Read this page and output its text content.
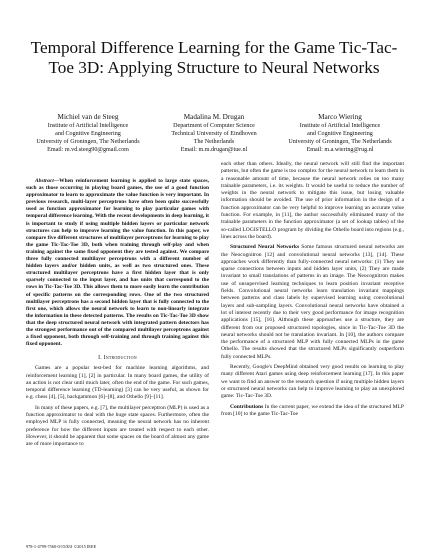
Temporal Difference Learning for the Game Tic-Tac-Toe 3D: Applying Structure to Neural Networks
Michiel van de Steeg
Institute of Artificial Intelligence
and Cognitive Engineering
University of Groningen, The Netherlands
Email: m.vd.steeg90@gmail.com
Madalina M. Drugan
Department of Computer Science
Technical University of Eindhoven
The Netherlands
Email: m.m.drugan@tue.nl
Marco Wiering
Institute of Artificial Intelligence
and Cognitive Engineering
University of Groningen, The Netherlands
Email: m.a.wiering@rug.nl

Abstract—When reinforcement learning is applied to large state spaces, such as those occurring in playing board games, the use of a good function approximator to learn to approximate the value function is very important. In previous research, multi-layer perceptrons have often been quite successfully used as function approximator for learning to play particular games with temporal difference learning. With the recent developments in deep learning, it is important to study if using multiple hidden layers or particular network structures can help to improve learning the value function. In this paper, we compare five different structures of multilayer perceptrons for learning to play the game Tic-Tac-Toe 3D, both when training through self-play and when training against the same fixed opponent they are tested against. We compare three fully connected multilayer perceptrons with a different number of hidden layers and/or hidden units, as well as two structured ones. These structured multilayer perceptrons have a first hidden layer that is only sparsely connected to the input layer, and has units that correspond to the rows in Tic-Tac-Toe 3D. This allows them to more easily learn the contribution of specific patterns on the corresponding rows. One of the two structured multilayer perceptrons has a second hidden layer that is fully connected to the first one, which allows the neural network to learn to non-linearly integrate the information in these detected patterns. The results on Tic-Tac-Toe 3D show that the deep structured neural network with integrated pattern detectors has the strongest performance out of the compared multilayer perceptrons against a fixed opponent, both through self-training and through training against this fixed opponent.

I. Introduction

Games are a popular test-bed for machine learning algorithms, and reinforcement learning [1], [2] in particular. In many board games, the utility of an action is not clear until much later, often the end of the game. For such games, temporal difference learning (TD-learning) [3] can be very useful, as shown for e.g. chess [4], [5], backgammon [6]–[8], and Othello [9]–[11].

In many of these papers, e.g. [7], the multilayer perceptron (MLP) is used as a function approximator to deal with the huge state spaces. Furthermore, often the employed MLP is fully connected, meaning the neural network has no inherent preference for how the different inputs are treated with respect to each other. However, it should be apparent that some spaces on the board of almost any game are of more importance to

each other than others. Ideally, the neural network will still find the important patterns, but often the game is too complex for the neural network to learn them in a reasonable amount of time, because the neural network relies on too many trainable parameters, i.e. its weights. It would be useful to reduce the number of weights in the neural network to mitigate this issue, but losing valuable information should be avoided. The use of prior information in the design of a function approximator can be very helpful to improve learning an accurate value function. For example, in [11], the author successfully eliminated many of the trainable parameters in the function approximator (a set of lookup tables) of the so-called LOGISTELLO program by dividing the Othello board into regions (e.g., lines across the board).

Structured Neural Networks Some famous structured neural networks are the Neocognitron [12] and convolutional neural networks [13], [14]. These approaches work differently than fully-connected neural networks: (1) They use sparse connections between inputs and hidden layer units, (2) They are made invariant to small translations of patterns in an image. The Neocognitron makes use of unsupervised learning techniques to learn position invariant receptive fields. Convolutional neural networks learn translation invariant mappings between patterns and class labels by supervised learning using convolutional layers and sub-sampling layers. Convolutional neural networks have obtained a lot of interest recently due to their very good performance for image recognition applications [15], [16]. Although these approaches use a structure, they are different from our proposed structured topologies, since in Tic-Tac-Toe 3D the neural networks should not be translation invariant. In [10], the authors compare the performance of a structured MLP with fully connected MLPs in the game Othello. The results showed that the structured MLPs significantly outperform fully connected MLPs.

Recently, Google's DeepMind obtained very good results on learning to play many different Atari games using deep reinforcement learning [17]. In this paper we want to find an answer to the research question if using multiple hidden layers or structured neural networks can help to improve learning to play an unexplored game: Tic-Tac-Toe 3D.

Contributions In the current paper, we extend the idea of the structured MLP from [10] to the game Tic-Tac-Toe

978-1-4799-7560-0/15/$31 ©2015 IEEE
